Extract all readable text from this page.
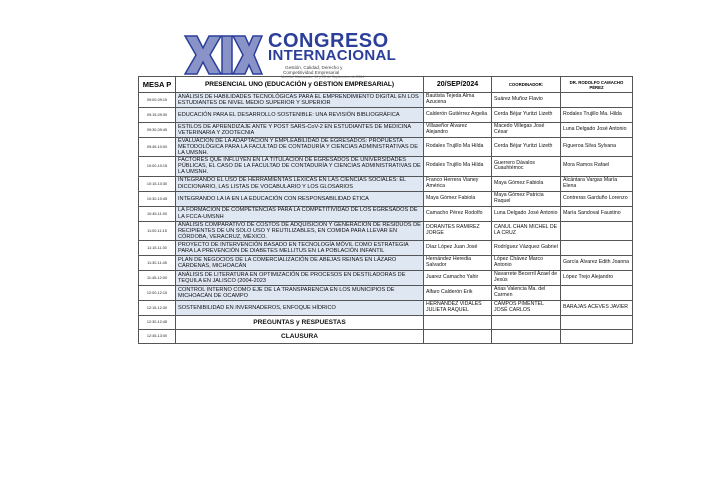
CONGRESO
INTERNACIONAL
Gestión, Calidad, Derecho y
Competitividad Empresarial
Morelia, Michoacán, 19 y 20 de Septiembre de 2024
MESA P	PRESENCIAL UNO (EDUCACIÓN y GESTION EMPRESARIAL)	20/SEP/2024	COORDINADOR:	DR. RODOLFO CAMACHO PÉREZ
09:00-09:15	ANÁLISIS DE HABILIDADES TECNOLÓGICAS PARA EL EMPRENDIMIENTO DIGITAL EN LOS ESTUDIANTES DE NIVEL MEDIO SUPERIOR Y SUPERIOR	Bautista Tejeda Alma Azucena	Suárez Muñoz Flavio	
09:15-09:30	EDUCACIÓN PARA EL DESARROLLO SOSTENIBLE: UNA REVISIÓN BIBLIOGRÁFICA	Calderón Gutiérrez Argelia	Cerda Béjar Yuritzi Lizeth	Rodales Trujillo Ma. Hilda
09:30-09:45	ESTILOS DE APRENDIZAJE ANTE Y POST SARS-CoV-2 EN ESTUDIANTES DE MEDICINA VETERINARIA Y ZOOTECNIA	Villaseñor Alvarez Alejandro	Macedo Villegas José César	Luna Delgado José Antonio
09:45-10:00	EVALUACIÓN DE LA ADAPTACIÓN Y EMPLEABILIDAD DE EGRESADOS: PROPUESTA METODOLÓGICA PARA LA FACULTAD DE CONTADURÍA Y CIENCIAS ADMINISTRATIVAS DE LA UMSNH.	Rodales Trujillo Ma Hilda	Cerda Béjar Yuritzi Lizeth	Figueroa Silva Sylvana
10:00-10:15	FACTORES QUE INFLUYEN EN LA TITULACIÓN DE EGRESADOS DE UNIVERSIDADES PÚBLICAS, EL CASO DE LA FACULTAD DE CONTADURÍA Y CIENCIAS ADMINISTRATIVAS DE LA UMSNH.	Rodales Trujillo Ma Hilda	Guerrero Dávalos Cuauhtémoc	Mora Ramos Rafael
10:15-10:30	INTEGRANDO EL USO DE HERRAMIENTAS LÉXICAS EN LAS CIENCIAS SOCIALES: EL DICCIONARIO, LAS LISTAS DE VOCABULARIO Y LOS GLOSARIOS	Franco Herrera Vianey América	Maya Gómez Fabiola	Alcántara Vargas María Elena
10:30-10:45	INTEGRANDO LA IA EN LA EDUCACIÓN CON RESPONSABILIDAD ÉTICA	Maya Gómez Fabiola	Maya Gómez Patricia Raquel	Contreras Garduño Lorenzo
10:45-11:00	LA FORMACIÓN DE COMPETENCIAS PARA LA COMPETITIVIDAD DE LOS EGRESADOS DE LA FCCA-UMSNH	Camacho Pérez Rodolfo	Luna Delgado José Antonio	María Sandoval Faustino
11:00-11:15	ANÁLISIS COMPARATIVO DE COSTOS DE ADQUISICIÓN Y GENERACIÓN DE RESIDUOS DE RECIPIENTES DE UN SOLO USO Y REUTILIZABLES, EN COMIDA PARA LLEVAR EN CÓRDOBA, VERACRUZ, MÉXICO.	DORANTES RAMIREZ JORGE	CANUL CHAN MICHEL DE LA CRUZ	
11:15-11:30	PROYECTO DE INTERVENCIÓN BASADO EN TECNOLOGÍA MÓVIL COMO ESTRATEGIA PARA LA PREVENCIÓN DE DIABETES MELLITUS EN LA POBLACIÓN INFANTIL	Díaz López Juan José	Rodríguez Vázquez Gabriel	
11:30-11:45	PLAN DE NEGOCIOS DE LA COMERCIALIZACIÓN DE ABEJAS REINAS EN LÁZARO CÁRDENAS, MICHOACÁN	Hernández Heredia Salvador	López Chávez Marco Antonio	García Álvarez Edith Joanna
11:45-12:00	ANÁLISIS DE LITERATURA EN OPTIMIZACIÓN DE PROCESOS EN DESTILADORAS DE TEQUILA EN JALISCO (2004-2023	Juarez Camacho Yahir	Navarrete Becerril Azael de Jesús	López Trejo Alejandro
12:00-12:15	CONTROL INTERNO COMO EJE DE LA TRANSPARENCIA EN LOS MUNICIPIOS DE MICHOACÁN DE OCAMPO	Alfaro Calderón Erik	Arias Valencia Ma. del Carmen	
12:15-12:30	SOSTENIBILIDAD EN INVERNADEROS, ENFOQUE HÍDRICO	HERNANDEZ VIDALES JULIETA RAQUEL	CAMPOS PIMENTEL JOSÉ CARLOS	BARAJAS ACEVES JAVIER
12:30-12:45	PREGUNTAS y RESPUESTAS			
12:45-13:00	CLAUSURA			
